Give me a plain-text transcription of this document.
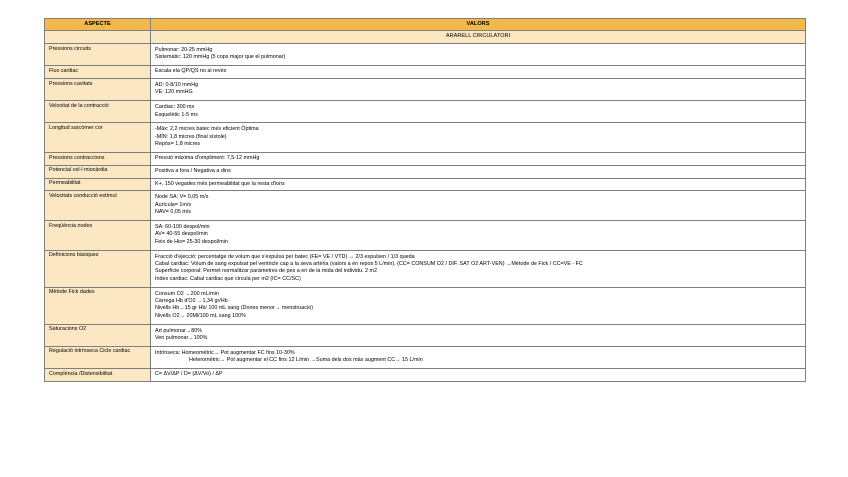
ASPECTE	VALORS
	ARARELL CIRCULATORI
Pressions circuits	Pulmonar: 20-25 mmHg
Sistemàtic: 120 mmHg (5 cops major que el pulmonar)

Flux cardiac	Escala ela QP/QS no al revés

Pressions cavitats	AD: 0-8/10 mmHg
VE: 120 mmHG

Velocitat de la contracció	Cardiac: 300 ms
Esquelètic 1-5 ms

Longitud sarcòmer cor	-Màx: 2,2 micres batec més eficient Òptima
-MÍN: 1,8 micres (final sístole)
Repòs= 1,8 micres

Pressions contraccions	Pressió màxima d'ompliment: 7,5-12 mmHg

Potencial cel·l miocàrdia	Positiva a fora / Negativa a dins

Permeabilitat	K+, 150 vegades més permeabilitat que la resta d'ions

Velocitats conducció estímul	Node SA: V= 0,05 m/s
Aurícula= 1m/s
NAV= 0,05 m/s

Freqüència nodes	SA: 60-100 despol/min
AV= 40-55 despol/min
Feix de His= 25-30 despol/min

Definicions bàsiques	Fracció d'ejecció: percentatge de volum que s'expulsa per batec (FE= VE / VTD) → 2/3 expulsen / 1/3 queda
Cabal cardiac: Volum de sang expulsat pel ventricle cap a la seva artèria (valors a en repos 5 L/min). (CC= CONSUM O2 / DIF. SAT O2 ART-VEN) →Mètode de Fick / CC=VE · FC
Superfície corporal: Permet normalitzar paràmetres de pes a en de la mida del individu. 2 m2
Index cardiac: Cabal cardiac que circula per m2 (IC= CC/SC)

Mètode Fick dades	Consum O2 →200 mL/min
Càrrega Hb d'O2 →1,34 gr/Hb
Nivells Hb→15 gr Hb/ 100 mL sang (Dones menor→ menstruació)
Nivells O2→ 20Ml/100 mL sang 100%

Saturacions O2	Art pulmonar→80%
Ven pulmonar→100%

Regulació intrínseca Cicle cardiac	Intrínseca: Homeomètric→ Pot augmentar FC fins 10-30%
Heteromètric→ Pot augmentar el CC fins 12 L/min →Suma dels dos màx augment CC→ 15 L/min

Complència /Distensibilitat	C= ΔV/ΔP / D= (ΔV/Vo) / ΔP
